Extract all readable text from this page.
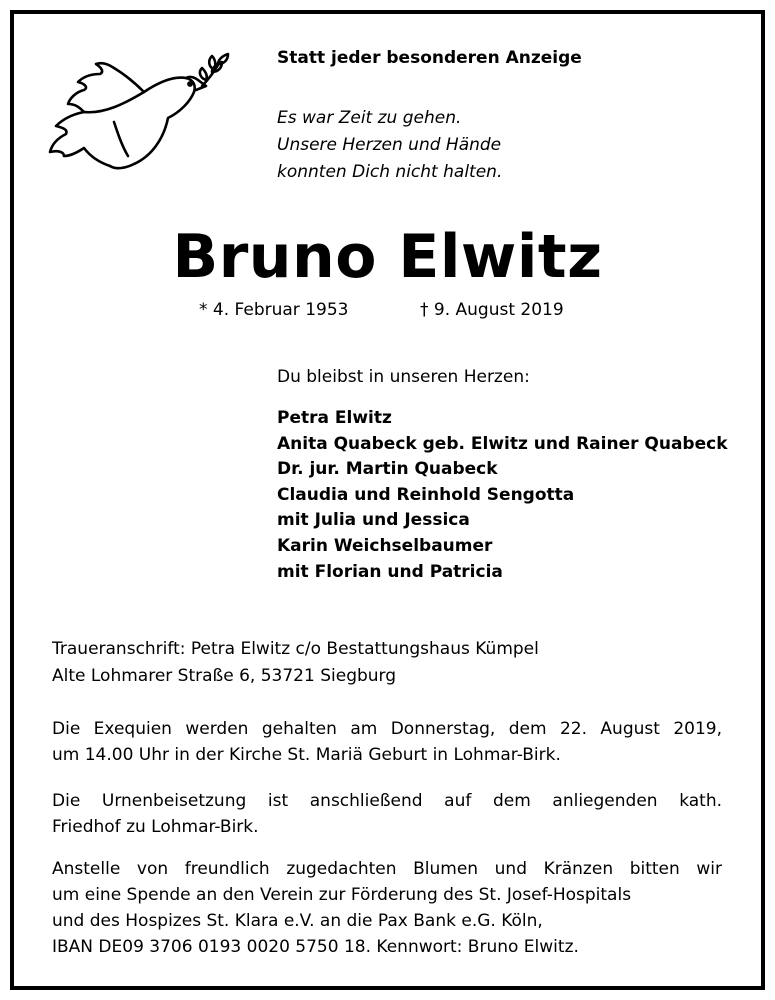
Statt jeder besonderen Anzeige
Es war Zeit zu gehen.
Unsere Herzen und Hände
konnten Dich nicht halten.
Bruno Elwitz
* 4. Februar 1953	† 9. August 2019
Du bleibst in unseren Herzen:
Petra Elwitz
Anita Quabeck geb. Elwitz und Rainer Quabeck
Dr. jur. Martin Quabeck
Claudia und Reinhold Sengotta
mit Julia und Jessica
Karin Weichselbaumer
mit Florian und Patricia
Traueranschrift: Petra Elwitz c/o Bestattungshaus Kümpel
Alte Lohmarer Straße 6, 53721 Siegburg
Die Exequien werden gehalten am Donnerstag, dem 22. August 2019,
um 14.00 Uhr in der Kirche St. Mariä Geburt in Lohmar-Birk.
Die Urnenbeisetzung ist anschließend auf dem anliegenden kath.
Friedhof zu Lohmar-Birk.
Anstelle von freundlich zugedachten Blumen und Kränzen bitten wir
um eine Spende an den Verein zur Förderung des St. Josef-Hospitals
und des Hospizes St. Klara e.V. an die Pax Bank e.G. Köln,
IBAN DE09 3706 0193 0020 5750 18. Kennwort: Bruno Elwitz.
